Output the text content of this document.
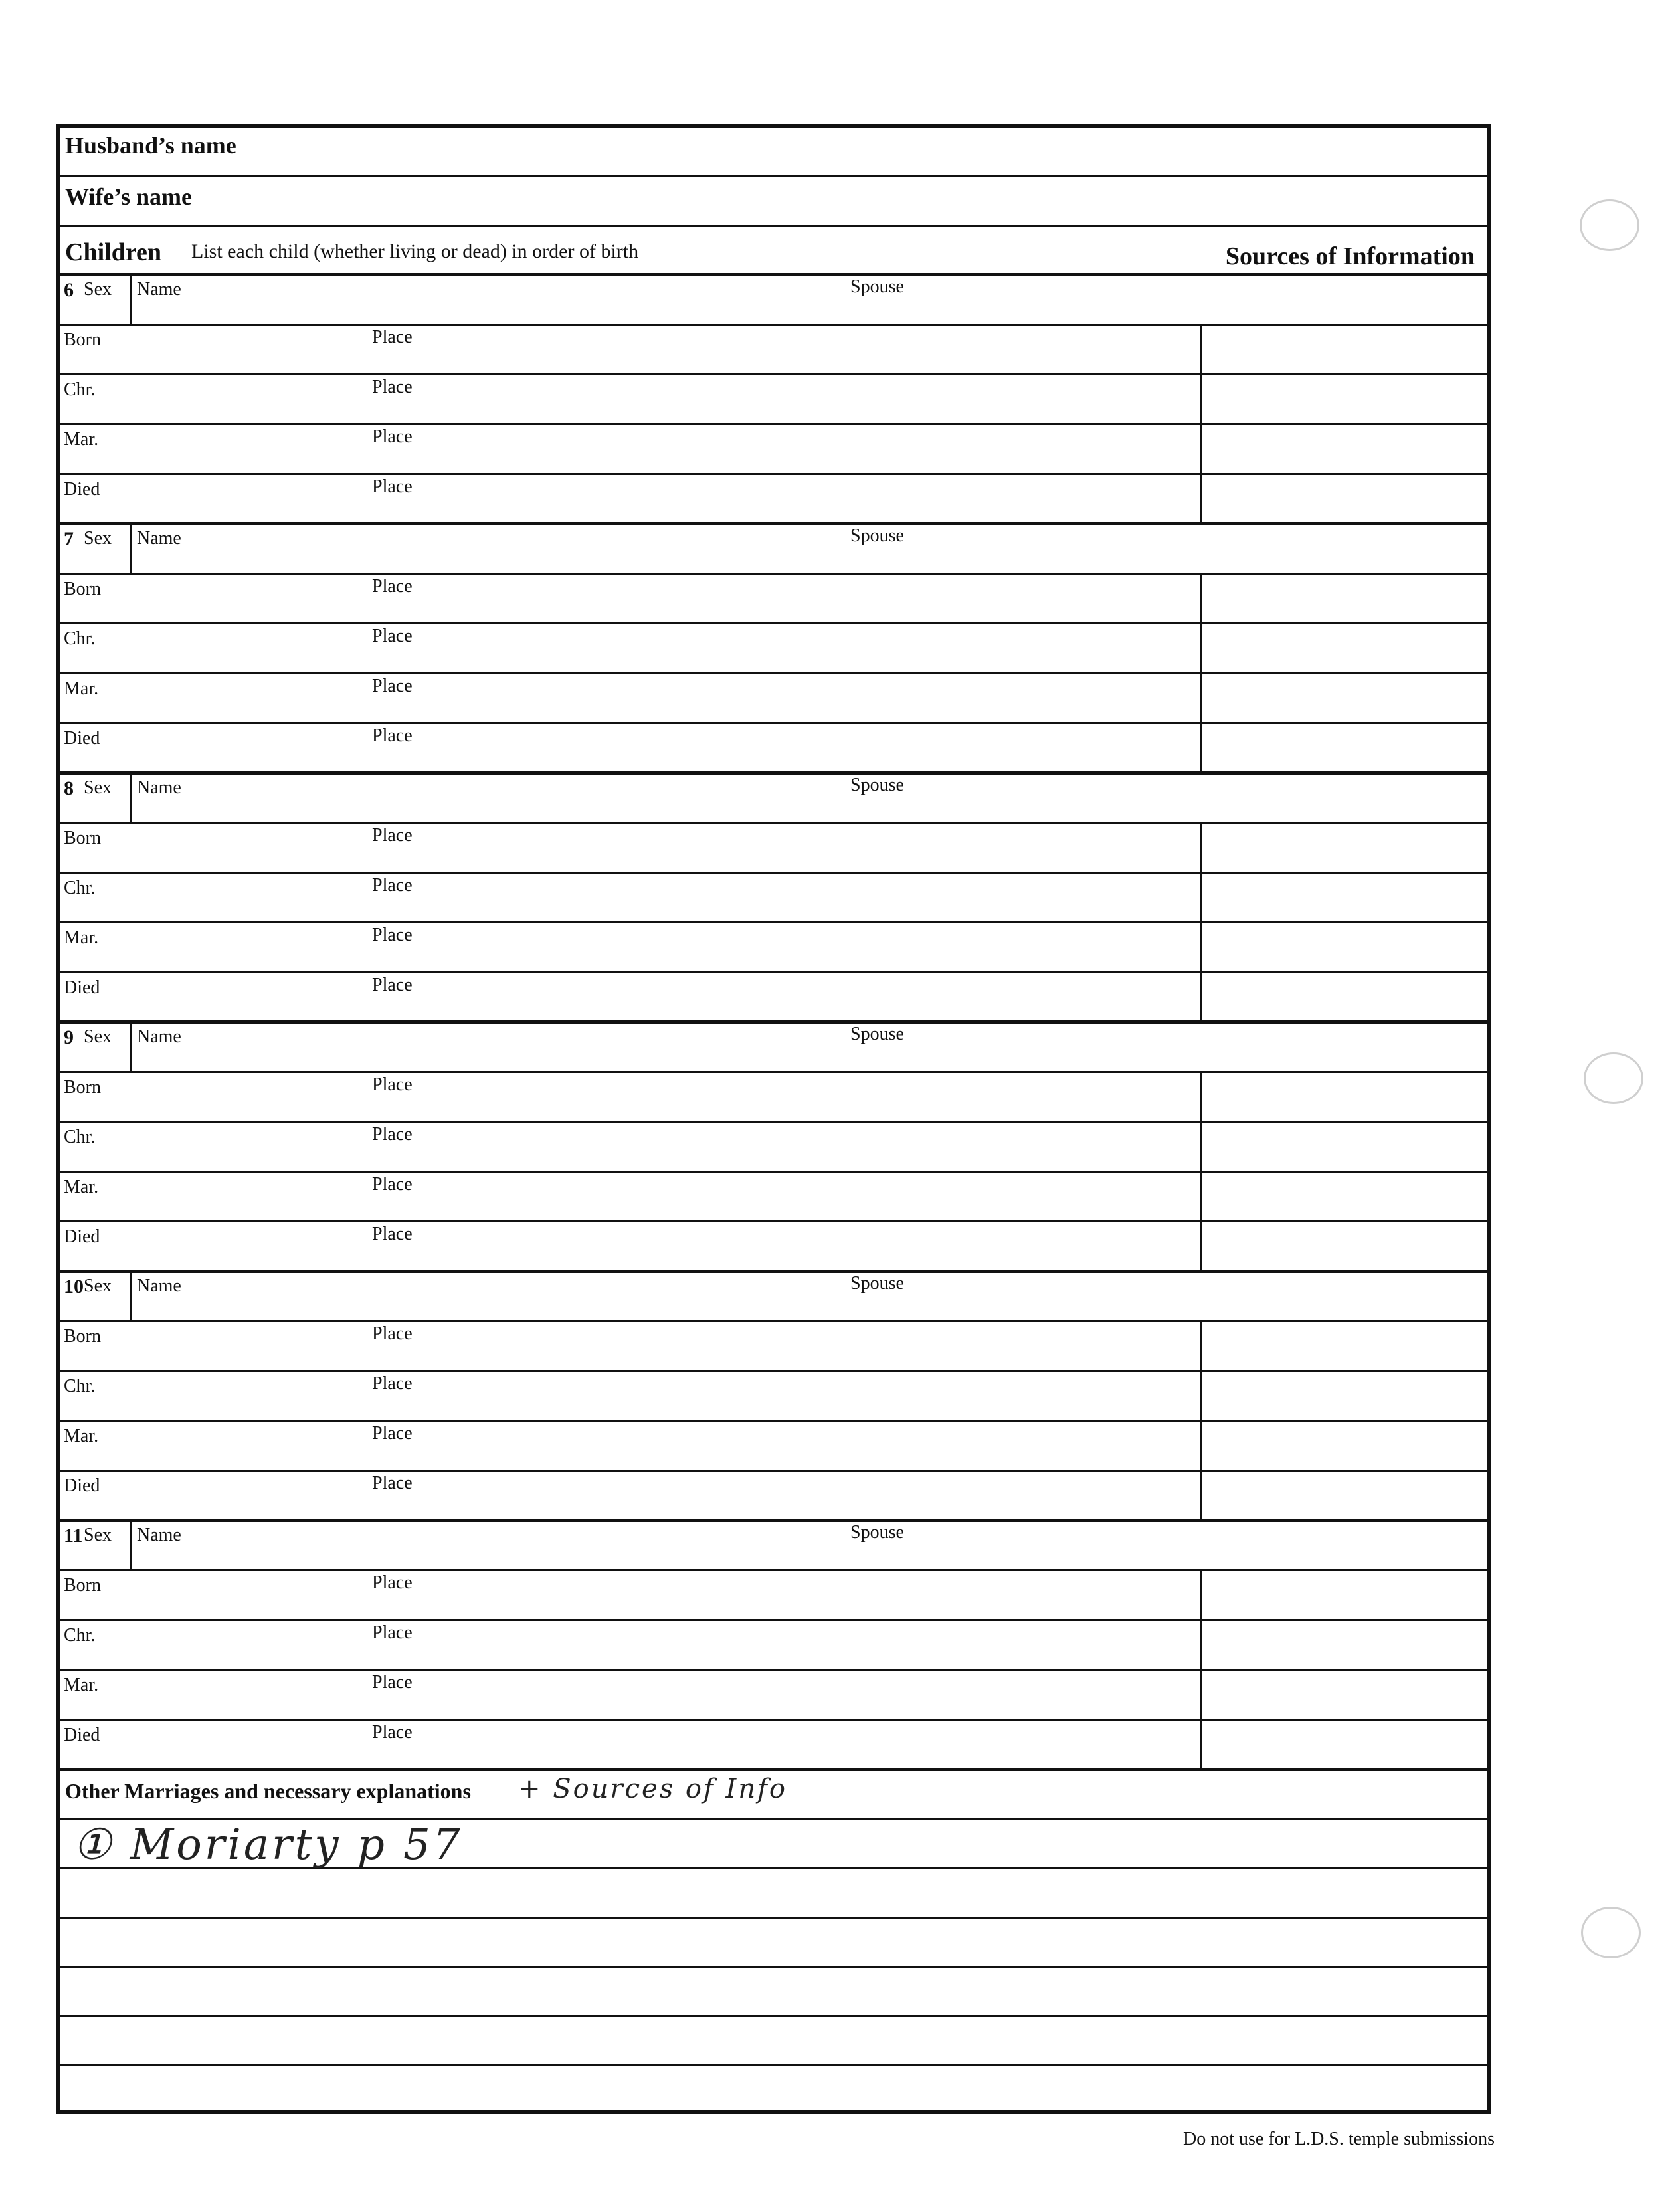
Husband’s name
Wife’s name
Children List each child (whether living or dead) in order of birth	Sources of Information
6 Sex Name	Spouse
Born	Place
Chr.	Place
Mar.	Place
Died	Place
7 Sex Name	Spouse
Born	Place
Chr.	Place
Mar.	Place
Died	Place
8 Sex Name	Spouse
Born	Place
Chr.	Place
Mar.	Place
Died	Place
9 Sex Name	Spouse
Born	Place
Chr.	Place
Mar.	Place
Died	Place
10 Sex Name	Spouse
Born	Place
Chr.	Place
Mar.	Place
Died	Place
11 Sex Name	Spouse
Born	Place
Chr.	Place
Mar.	Place
Died	Place
Other Marriages and necessary explanations + Sources of Info
① Moriarty p 57
Do not use for L.D.S. temple submissions
